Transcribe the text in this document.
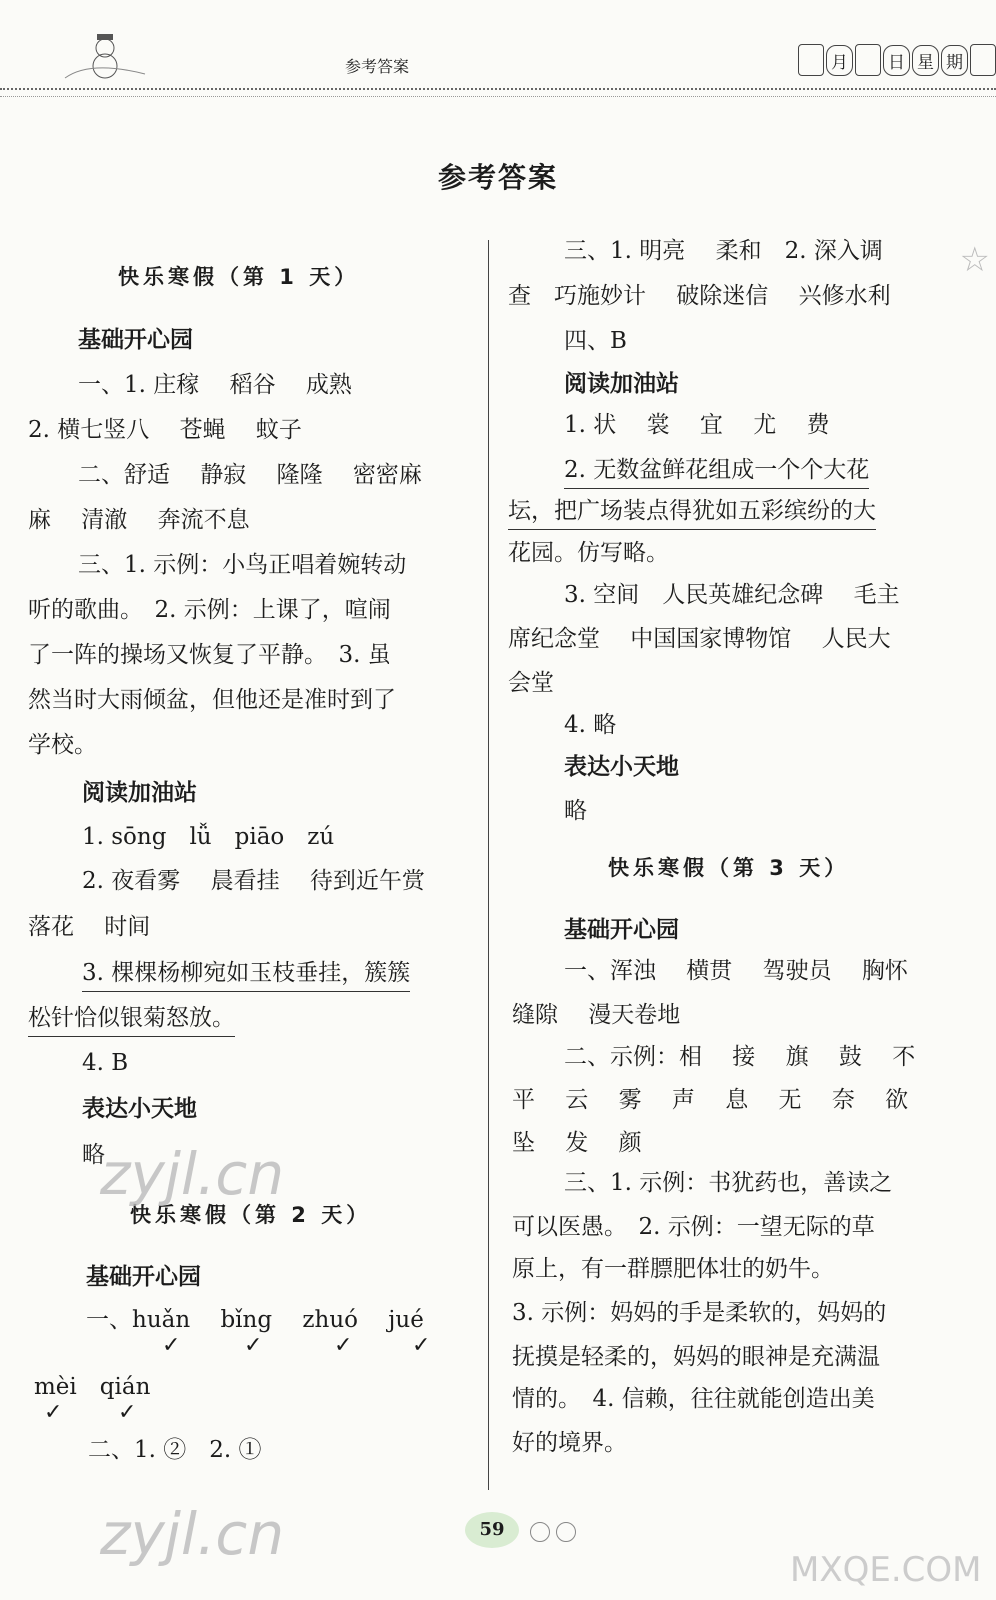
参考答案	月 日 星 期
参考答案
☆
快乐寒假（第 1 天）
基础开心园
一、1. 庄稼　 稻谷　 成熟
2. 横七竖八　 苍蝇　 蚊子
二、舒适　 静寂　 隆隆　 密密麻
麻　 清澈　 奔流不息
三、1. 示例：小鸟正唱着婉转动
听的歌曲。　2. 示例：上课了，喧闹
了一阵的操场又恢复了平静。　3. 虽
然当时大雨倾盆，但他还是准时到了
学校。
阅读加油站
1. sōng　lǚ　piāo　zú
2. 夜看雾　 晨看挂　 待到近午赏
落花　 时间
3. 棵棵杨柳宛如玉枝垂挂，簇簇
松针恰似银菊怒放。
4. B
表达小天地
略
快乐寒假（第 2 天）
基础开心园
一、huǎn　 bǐng　 zhuó　 jué
mèi　qián
二、1. ②　2. ①
三、1. 明亮　 柔和　2. 深入调
查　巧施妙计　 破除迷信　 兴修水利
四、B
阅读加油站
1. 状　 裳　 宜　 尤　 费
2. 无数盆鲜花组成一个个大花
坛，把广场装点得犹如五彩缤纷的大
花园。仿写略。
3. 空间　人民英雄纪念碑　 毛主
席纪念堂　 中国国家博物馆　 人民大
会堂
4. 略
表达小天地
略
快乐寒假（第 3 天）
基础开心园
一、浑浊　 横贯　 驾驶员　 胸怀
缝隙　 漫天卷地
二、示例：相　 接　 旗　 鼓　 不
平　 云　 雾　 声　 息　 无　 奈　 欲
坠　 发　 颜
三、1. 示例：书犹药也，善读之
可以医愚。　2. 示例：一望无际的草
原上，有一群膘肥体壮的奶牛。
3. 示例：妈妈的手是柔软的，妈妈的
抚摸是轻柔的，妈妈的眼神是充满温
情的。　4. 信赖，往往就能创造出美
好的境界。
✓	✓	✓	✓
✓	✓
zyjl.cn
zyjl.cn
MXQE.COM
59
